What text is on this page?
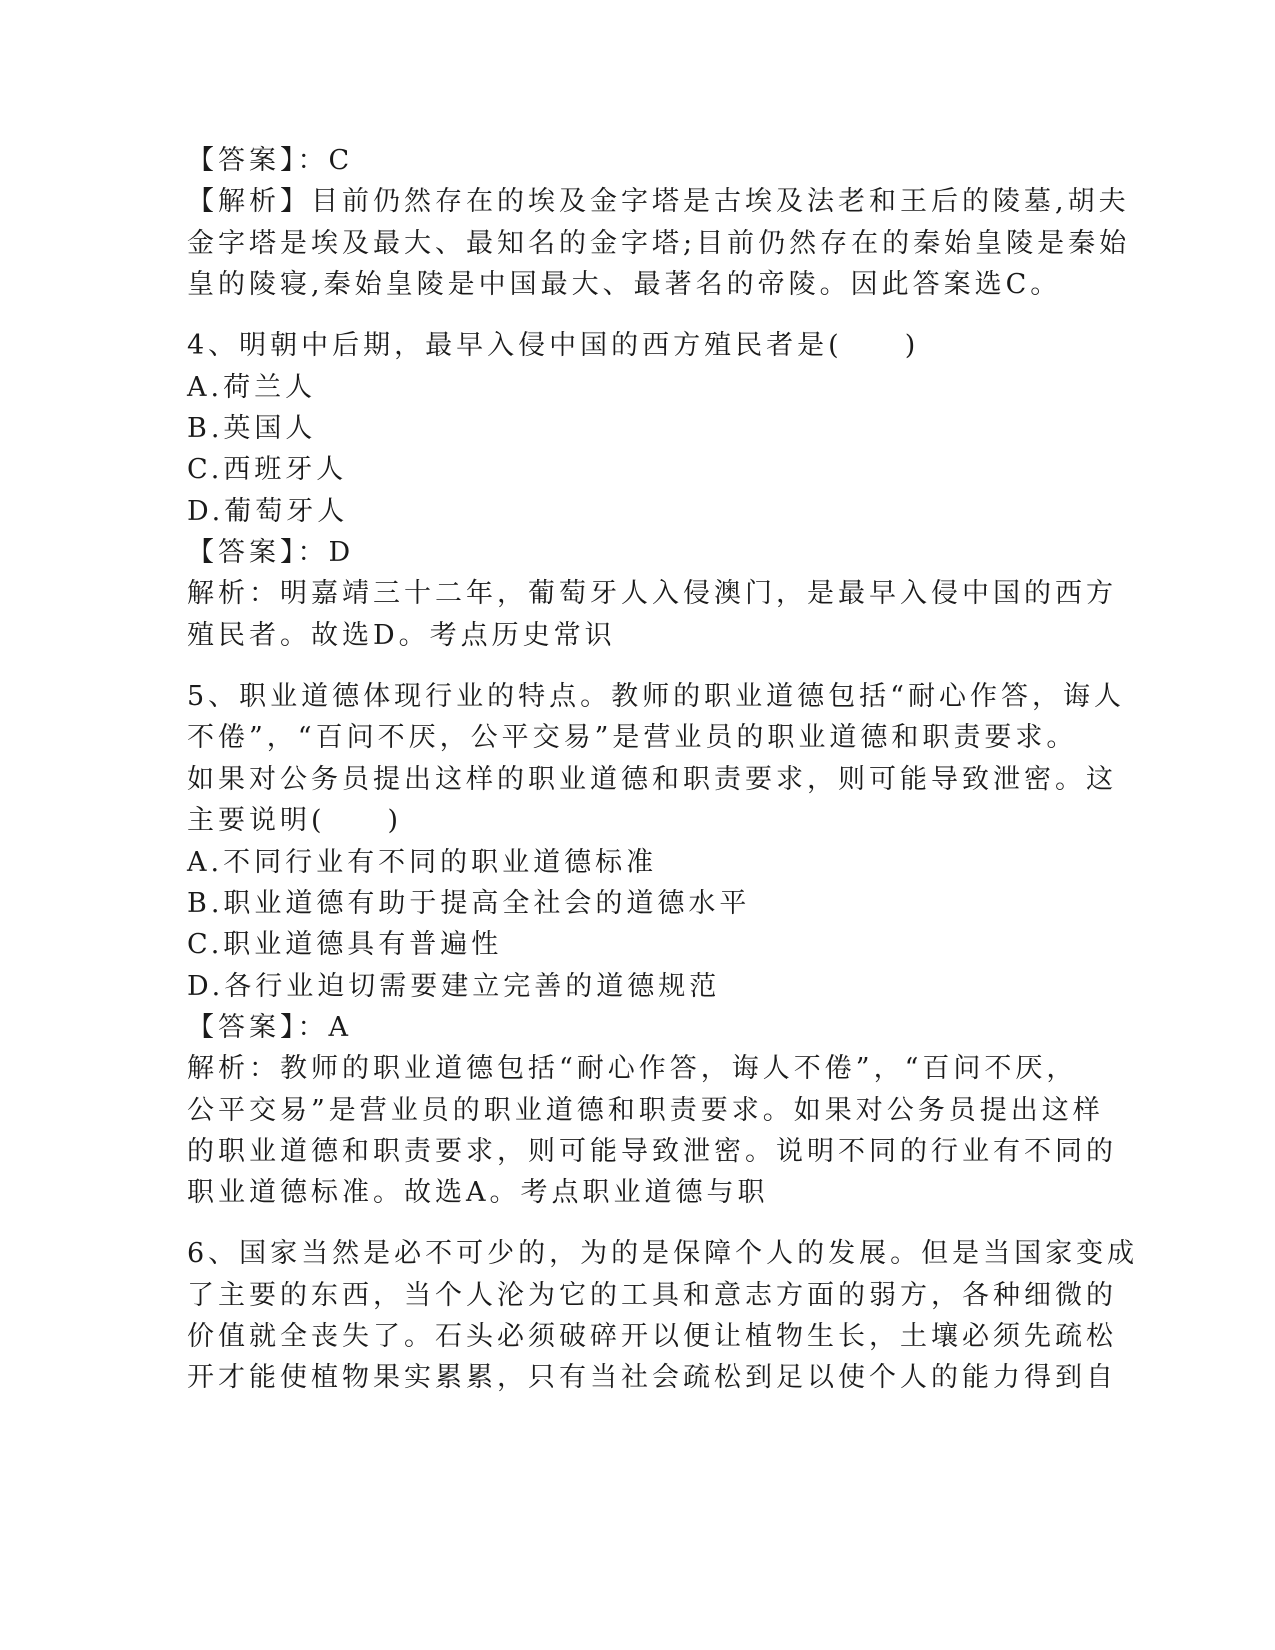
【答案】：C
【解析】目前仍然存在的埃及金字塔是古埃及法老和王后的陵墓,胡夫
金字塔是埃及最大、最知名的金字塔;目前仍然存在的秦始皇陵是秦始
皇的陵寝,秦始皇陵是中国最大、最著名的帝陵。因此答案选C。
4、明朝中后期，最早入侵中国的西方殖民者是(　　)
A.荷兰人
B.英国人
C.西班牙人
D.葡萄牙人
【答案】：D
解析：明嘉靖三十二年，葡萄牙人入侵澳门，是最早入侵中国的西方
殖民者。故选D。考点历史常识
5、职业道德体现行业的特点。教师的职业道德包括“耐心作答，诲人
不倦”，“百问不厌，公平交易”是营业员的职业道德和职责要求。
如果对公务员提出这样的职业道德和职责要求，则可能导致泄密。这
主要说明(　　)
A.不同行业有不同的职业道德标准
B.职业道德有助于提高全社会的道德水平
C.职业道德具有普遍性
D.各行业迫切需要建立完善的道德规范
【答案】：A
解析：教师的职业道德包括“耐心作答，诲人不倦”，“百问不厌，
公平交易”是营业员的职业道德和职责要求。如果对公务员提出这样
的职业道德和职责要求，则可能导致泄密。说明不同的行业有不同的
职业道德标准。故选A。考点职业道德与职
6、国家当然是必不可少的，为的是保障个人的发展。但是当国家变成
了主要的东西，当个人沦为它的工具和意志方面的弱方，各种细微的
价值就全丧失了。石头必须破碎开以便让植物生长，土壤必须先疏松
开才能使植物果实累累，只有当社会疏松到足以使个人的能力得到自
